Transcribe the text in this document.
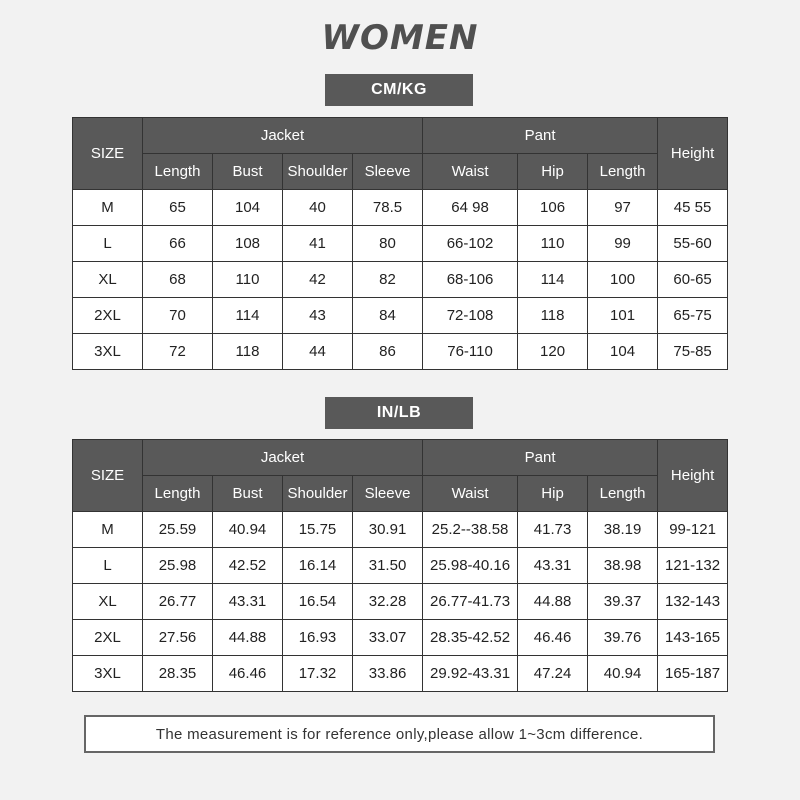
WOMEN
CM/KG
SIZE	Jacket				Pant			Height
	Length	Bust	Shoulder	Sleeve	Waist	Hip	Length	
M	65	104	40	78.5	64 98	106	97	45 55
L	66	108	41	80	66-102	110	99	55-60
XL	68	110	42	82	68-106	114	100	60-65
2XL	70	114	43	84	72-108	118	101	65-75
3XL	72	118	44	86	76-110	120	104	75-85
IN/LB
SIZE	Jacket				Pant			Height
	Length	Bust	Shoulder	Sleeve	Waist	Hip	Length	
M	25.59	40.94	15.75	30.91	25.2--38.58	41.73	38.19	99-121
L	25.98	42.52	16.14	31.50	25.98-40.16	43.31	38.98	121-132
XL	26.77	43.31	16.54	32.28	26.77-41.73	44.88	39.37	132-143
2XL	27.56	44.88	16.93	33.07	28.35-42.52	46.46	39.76	143-165
3XL	28.35	46.46	17.32	33.86	29.92-43.31	47.24	40.94	165-187
The measurement is for reference only,please allow 1~3cm difference.
